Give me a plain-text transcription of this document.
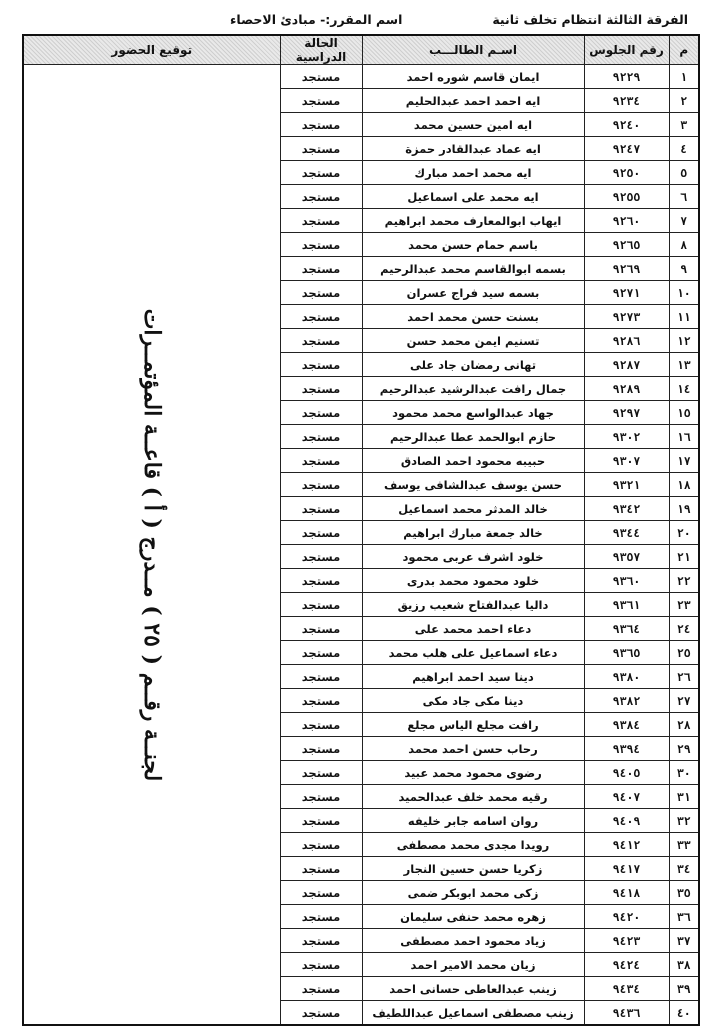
الفرقة الثالثة انتظام تخلف ثانية
اسم المقرر:- مبادئ الاحصاء
م	رقم الجلوس	اسـم الطالـــب	الحالة الدراسية	توقيع الحضور
١	٩٢٢٩	ايمان قاسم شوره احمد	مستجد	لجنــة رقــم ( ٢٥ ) مــدرج ( أ ) قاعــة المؤتمــرات

٢	٩٢٣٤	ايه احمد احمد عبدالحليم	مستجد	
٣	٩٢٤٠	ايه امين حسين محمد	مستجد	
٤	٩٢٤٧	ايه عماد عبدالقادر حمزة	مستجد	
٥	٩٢٥٠	ايه محمد احمد مبارك	مستجد	
٦	٩٢٥٥	ايه محمد على اسماعيل	مستجد	
٧	٩٢٦٠	ايهاب ابوالمعارف محمد ابراهيم	مستجد	
٨	٩٢٦٥	باسم حمام حسن محمد	مستجد	
٩	٩٢٦٩	بسمه ابوالقاسم محمد عبدالرحيم	مستجد	
١٠	٩٢٧١	بسمه سيد فراج عسران	مستجد	
١١	٩٢٧٣	بسنت حسن محمد احمد	مستجد	
١٢	٩٢٨٦	تسنيم ايمن محمد حسن	مستجد	
١٣	٩٢٨٧	تهانى رمضان جاد على	مستجد	
١٤	٩٢٨٩	جمال رافت عبدالرشيد عبدالرحيم	مستجد	
١٥	٩٢٩٧	جهاد عبدالواسع محمد محمود	مستجد	
١٦	٩٣٠٢	حازم ابوالحمد عطا عبدالرحيم	مستجد	
١٧	٩٣٠٧	حبيبه محمود احمد الصادق	مستجد	
١٨	٩٣٢١	حسن يوسف عبدالشافى يوسف	مستجد	
١٩	٩٣٤٢	خالد المدثر محمد اسماعيل	مستجد	
٢٠	٩٣٤٤	خالد جمعة مبارك ابراهيم	مستجد	
٢١	٩٣٥٧	خلود اشرف عربى محمود	مستجد	
٢٢	٩٣٦٠	خلود محمود محمد بدرى	مستجد	
٢٣	٩٣٦١	داليا عبدالفتاح شعيب رزيق	مستجد	
٢٤	٩٣٦٤	دعاء احمد محمد على	مستجد	
٢٥	٩٣٦٥	دعاء اسماعيل على هلب محمد	مستجد	
٢٦	٩٣٨٠	دينا سيد احمد ابراهيم	مستجد	
٢٧	٩٣٨٢	دينا مكى جاد مكى	مستجد	
٢٨	٩٣٨٤	رافت مجلع الياس مجلع	مستجد	
٢٩	٩٣٩٤	رحاب حسن احمد محمد	مستجد	
٣٠	٩٤٠٥	رضوى محمود محمد عبيد	مستجد	
٣١	٩٤٠٧	رقيه محمد خلف عبدالحميد	مستجد	
٣٢	٩٤٠٩	روان اسامه جابر خليفه	مستجد	
٣٣	٩٤١٢	رويدا مجدى محمد مصطفى	مستجد	
٣٤	٩٤١٧	زكريا حسن حسين النجار	مستجد	
٣٥	٩٤١٨	زكى محمد ابوبكر ضمى	مستجد	
٣٦	٩٤٢٠	زهره محمد حنفى سليمان	مستجد	
٣٧	٩٤٢٣	زياد محمود احمد مصطفى	مستجد	
٣٨	٩٤٢٤	زيان محمد الامير احمد	مستجد	
٣٩	٩٤٣٤	زينب عبدالعاطى حسانى احمد	مستجد	
٤٠	٩٤٣٦	زينب مصطفى اسماعيل عبداللطيف	مستجد	
